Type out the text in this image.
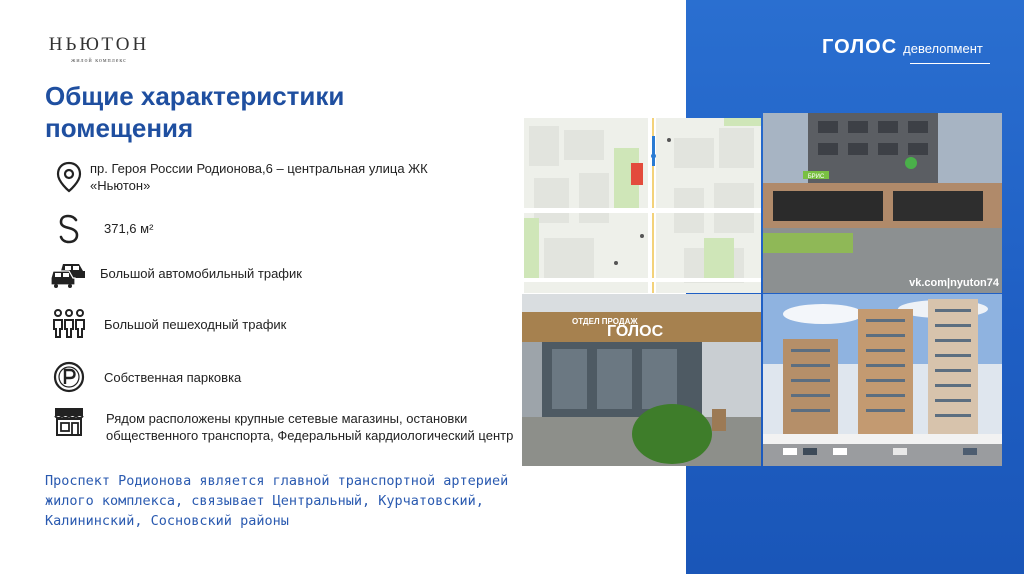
ГОЛОС девелопмент
НЬЮТОН
жилой комплекс
Общие характеристики помещения
пр. Героя России Родионова,6 – центральная улица ЖК «Ньютон»
371,6 м²
Большой автомобильный трафик
Большой пешеходный трафик
Собственная парковка
Рядом расположены крупные сетевые магазины, остановки общественного транспорта, Федеральный кардиологический центр
Проспект Родионова является главной транспортной артерией жилого комплекса, связывает Центральный, Курчатовский, Калининский, Сосновский районы
БРИС
vk.com|nyuton74
ОТДЕЛ ПРОДАЖ
ГОЛОС
